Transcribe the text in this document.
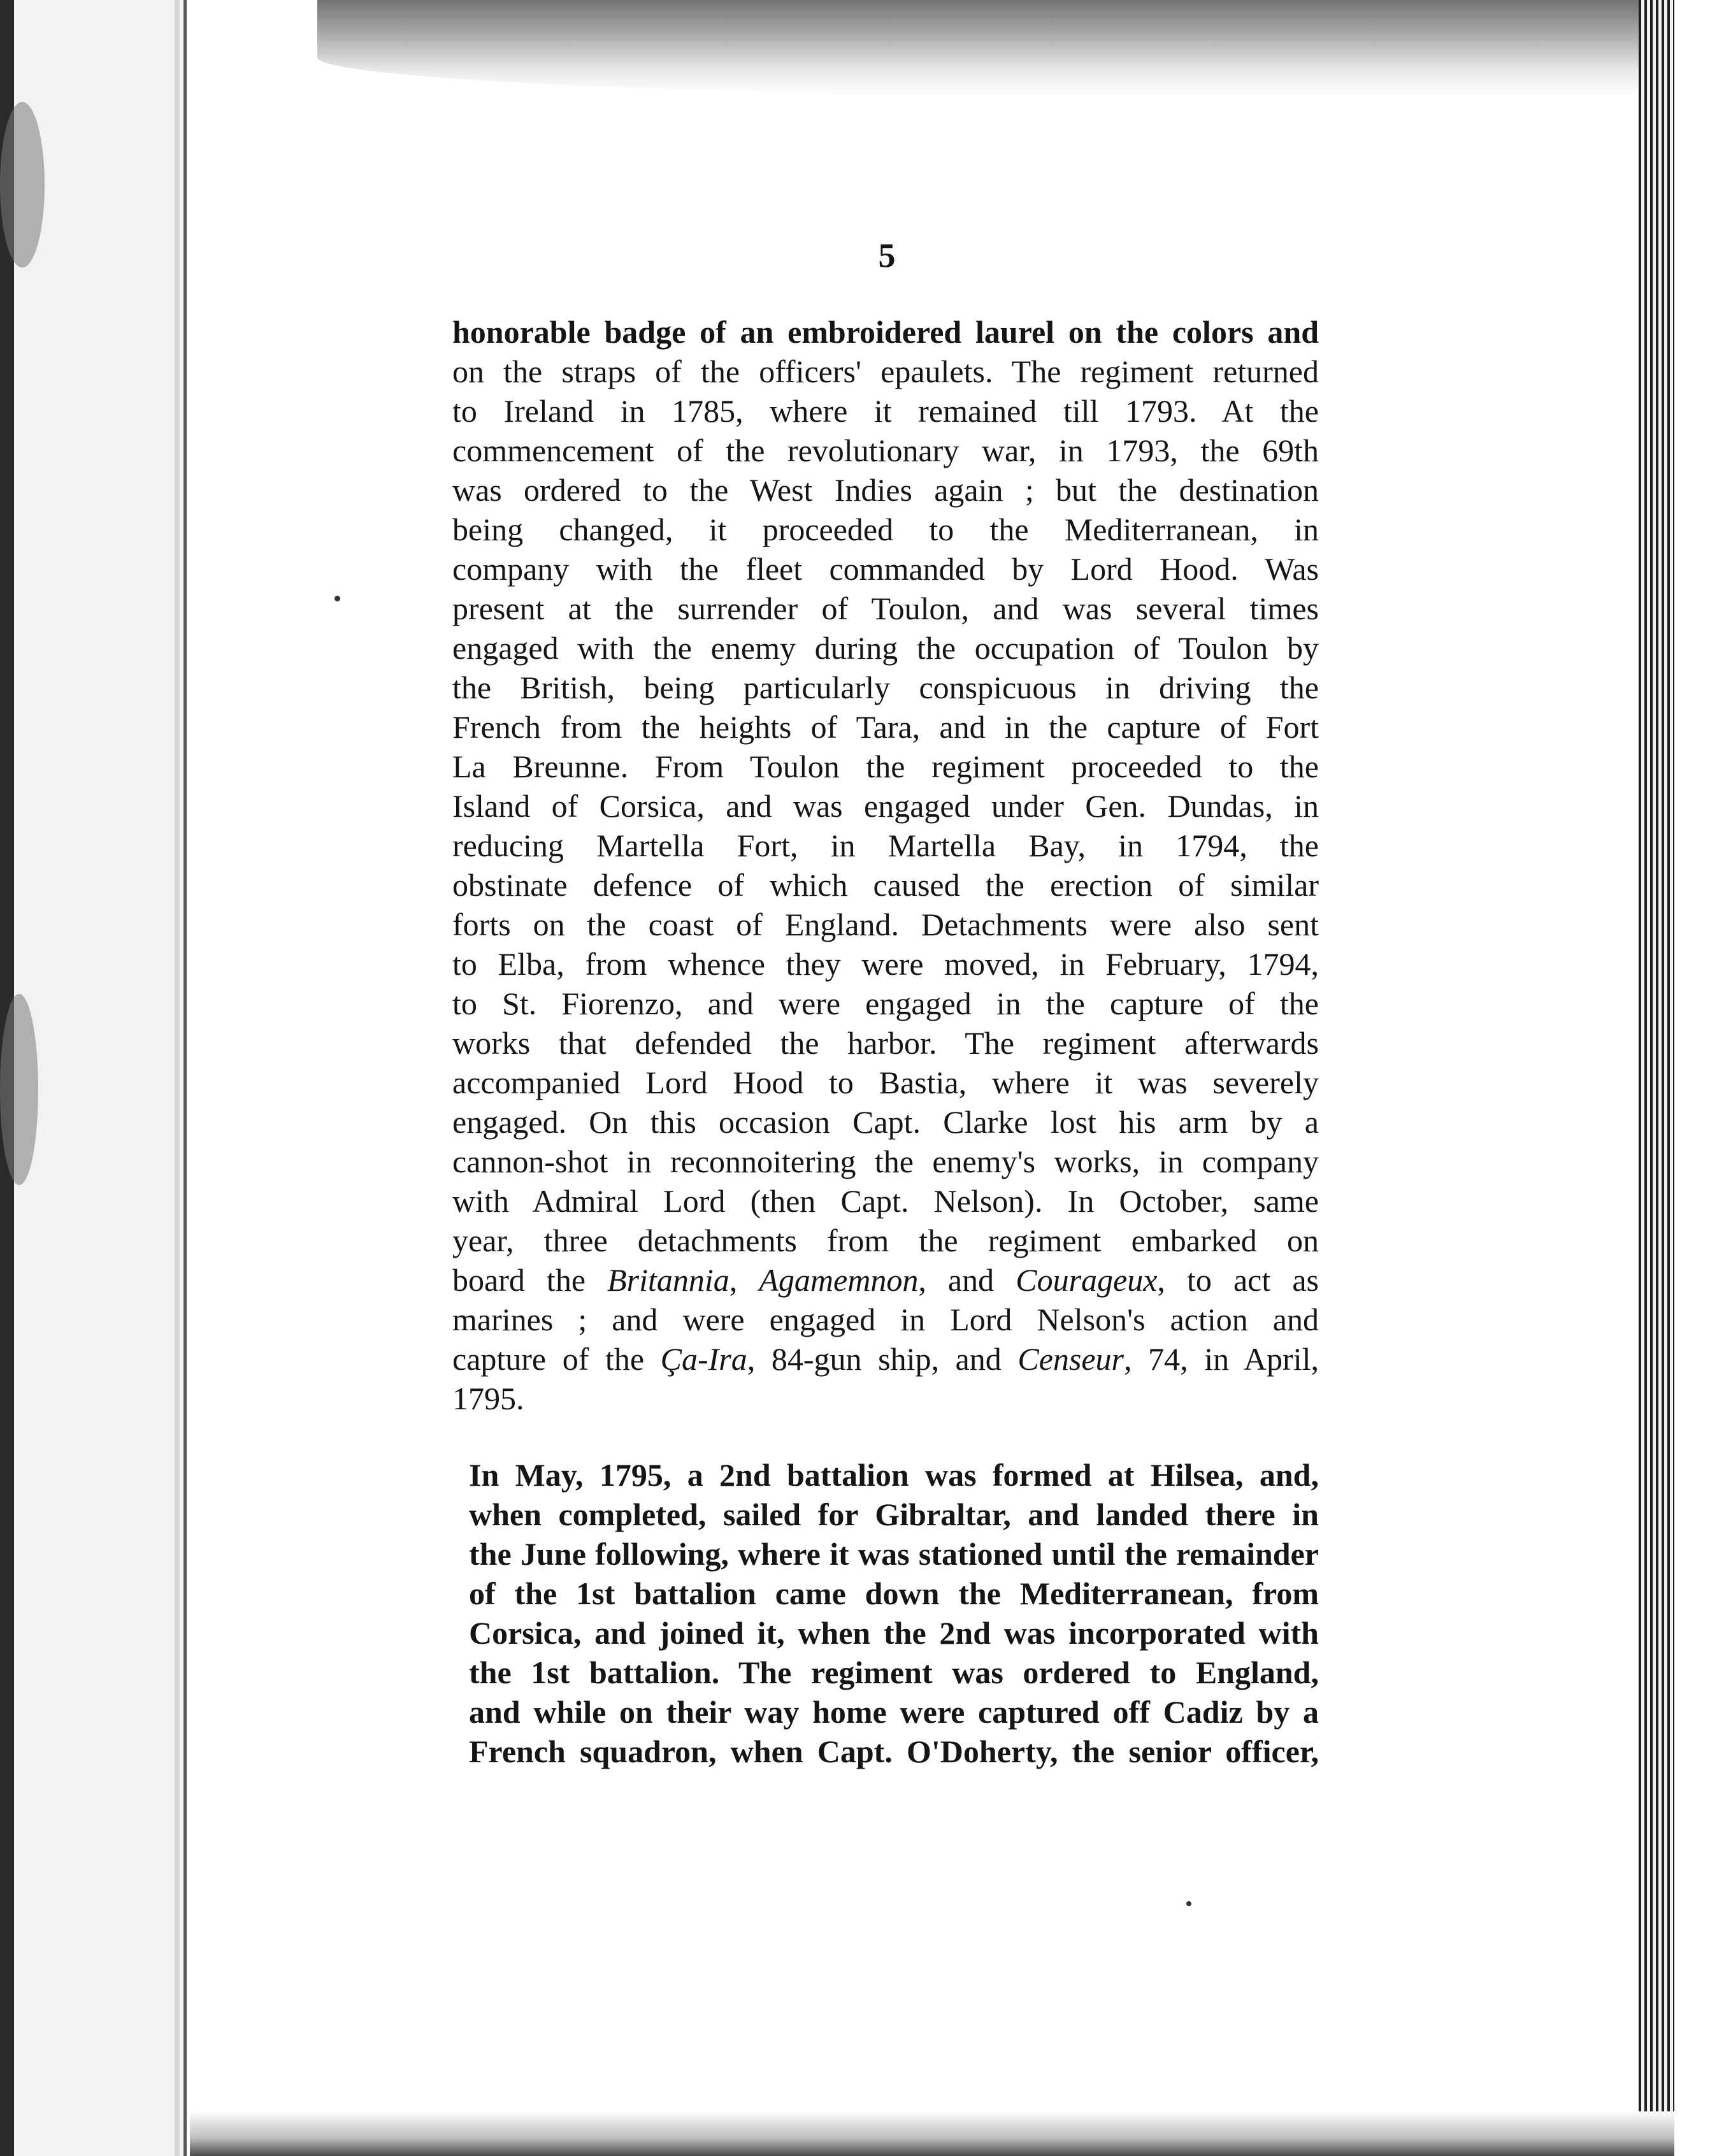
5

honorable badge of an embroidered laurel on the colors and
on the straps of the officers' epaulets. The regiment returned
to Ireland in 1785, where it remained till 1793. At the
commencement of the revolutionary war, in 1793, the 69th
was ordered to the West Indies again ; but the destination
being changed, it proceeded to the Mediterranean, in
company with the fleet commanded by Lord Hood. Was
present at the surrender of Toulon, and was several times
engaged with the enemy during the occupation of Toulon by
the British, being particularly conspicuous in driving the
French from the heights of Tara, and in the capture of Fort
La Breunne. From Toulon the regiment proceeded to the
Island of Corsica, and was engaged under Gen. Dundas, in
reducing Martella Fort, in Martella Bay, in 1794, the
obstinate defence of which caused the erection of similar
forts on the coast of England. Detachments were also sent
to Elba, from whence they were moved, in February, 1794,
to St. Fiorenzo, and were engaged in the capture of the
works that defended the harbor. The regiment afterwards
accompanied Lord Hood to Bastia, where it was severely
engaged. On this occasion Capt. Clarke lost his arm by a
cannon-shot in reconnoitering the enemy's works, in company
with Admiral Lord (then Capt. Nelson). In October, same
year, three detachments from the regiment embarked on
board the Britannia, Agamemnon, and Courageux, to act as
marines ; and were engaged in Lord Nelson's action and
capture of the Ça-Ira, 84-gun ship, and Censeur, 74, in April,
1795.

In May, 1795, a 2nd battalion was formed at Hilsea, and,
when completed, sailed for Gibraltar, and landed there in
the June following, where it was stationed until the remainder
of the 1st battalion came down the Mediterranean, from
Corsica, and joined it, when the 2nd was incorporated with
the 1st battalion. The regiment was ordered to England,
and while on their way home were captured off Cadiz by a
French squadron, when Capt. O'Doherty, the senior officer,
